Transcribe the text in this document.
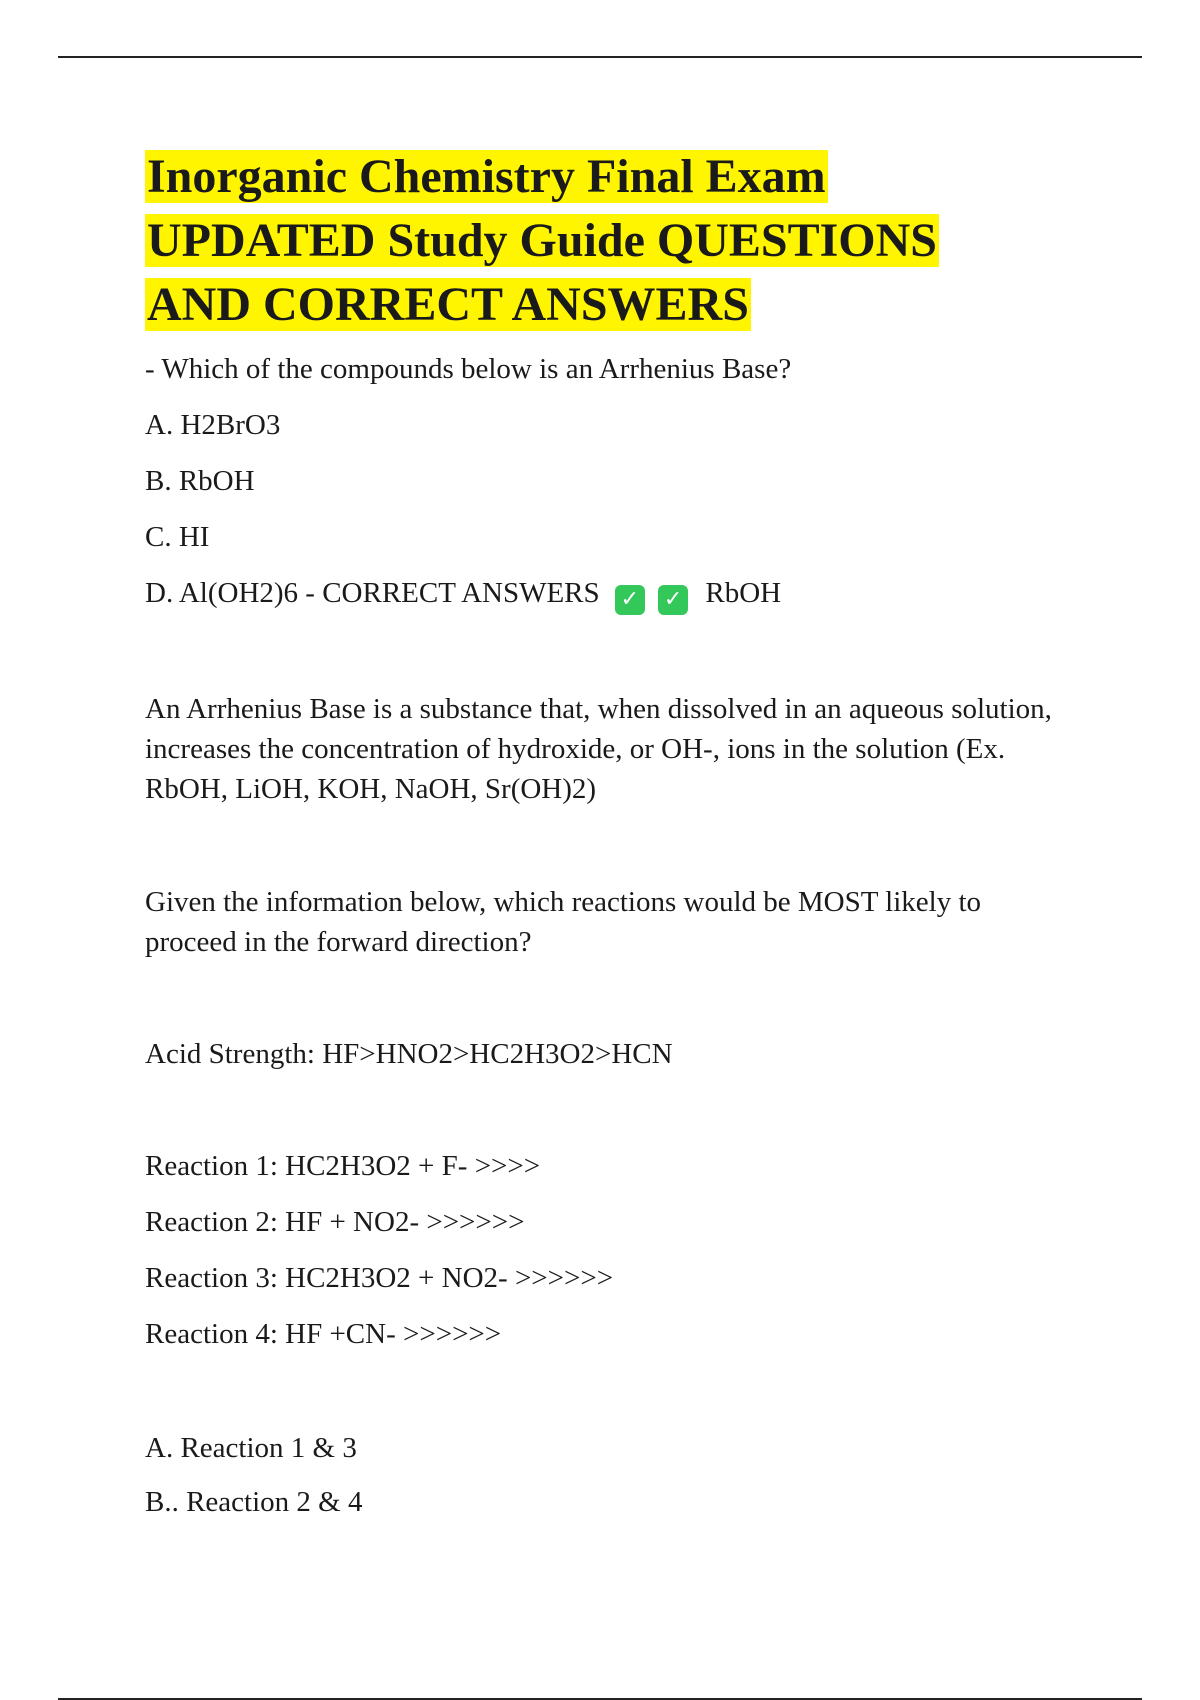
Inorganic Chemistry Final Exam
UPDATED Study Guide QUESTIONS
AND CORRECT ANSWERS

- Which of the compounds below is an Arrhenius Base?

A. H2BrO3

B. RbOH

C. HI

D. Al(OH2)6 - CORRECT ANSWERS ✓ ✓ RbOH

An Arrhenius Base is a substance that, when dissolved in an aqueous solution, increases the concentration of hydroxide, or OH-, ions in the solution (Ex. RbOH, LiOH, KOH, NaOH, Sr(OH)2)

Given the information below, which reactions would be MOST likely to proceed in the forward direction?

Acid Strength: HF>HNO2>HC2H3O2>HCN

Reaction 1: HC2H3O2 + F- >>>>

Reaction 2: HF + NO2- >>>>>>

Reaction 3: HC2H3O2 + NO2- >>>>>>

Reaction 4: HF +CN- >>>>>>

A. Reaction 1 & 3

B.. Reaction 2 & 4
